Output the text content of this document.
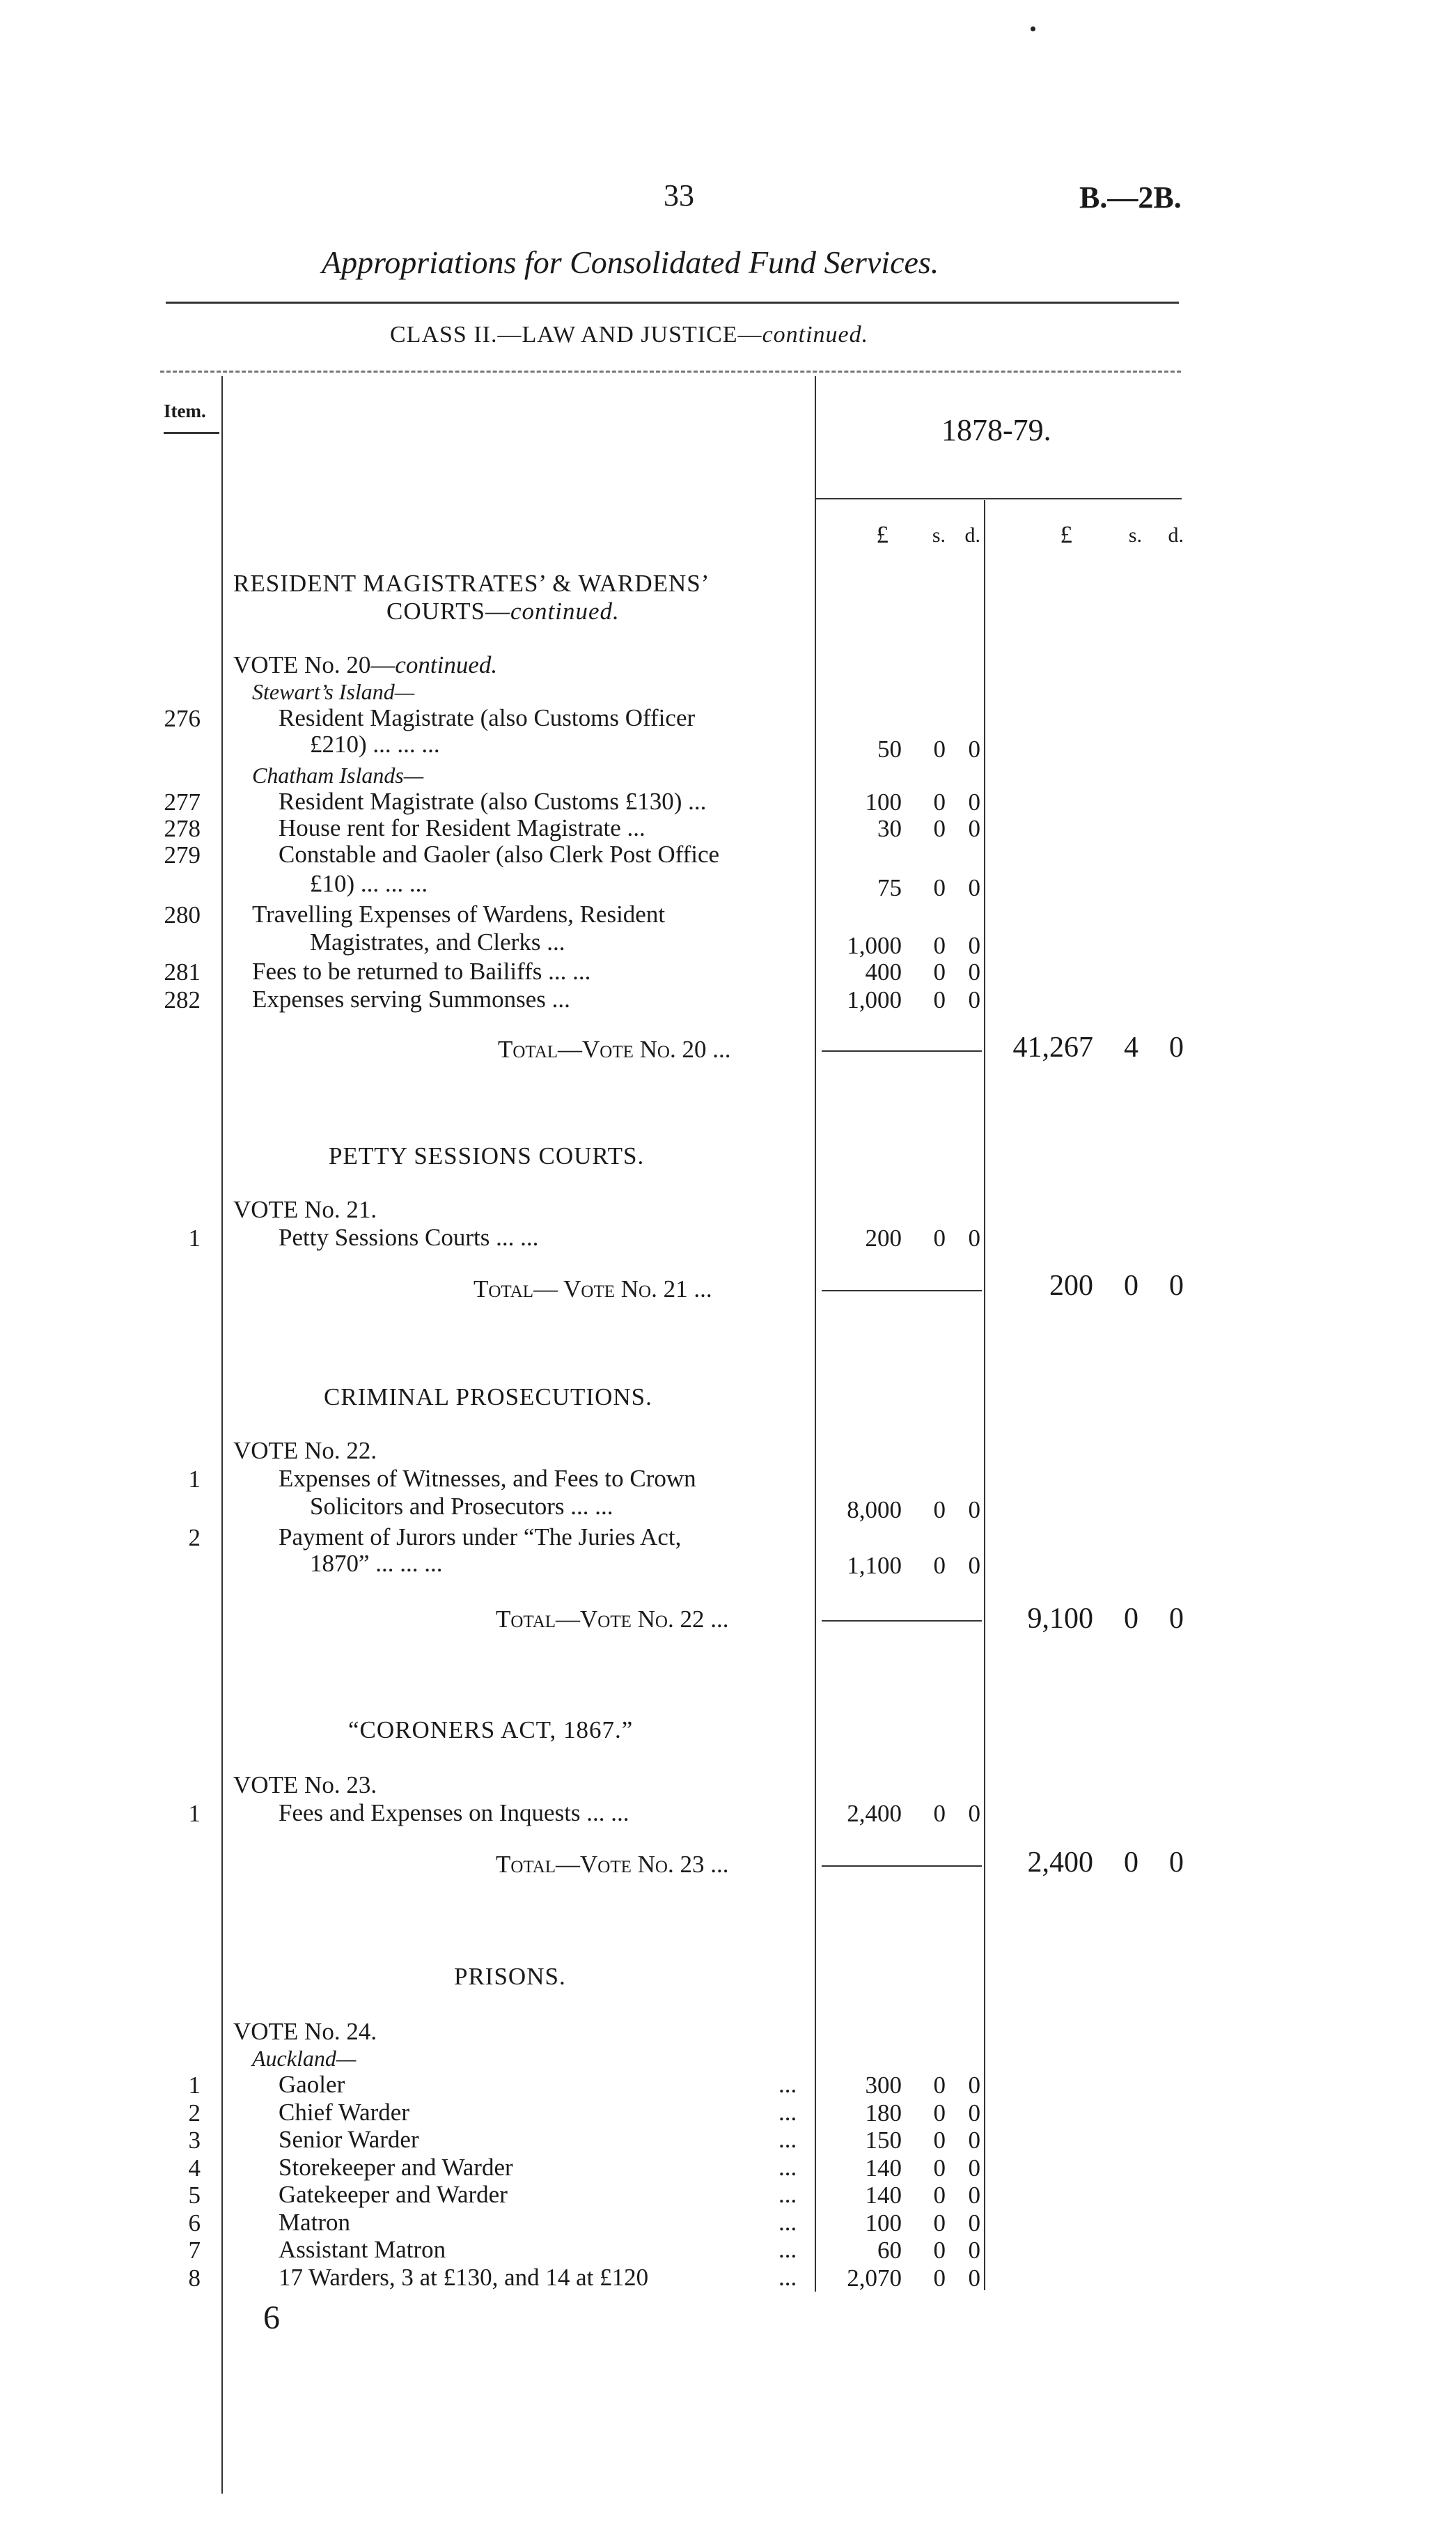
33	B.—2B.
Appropriations for Consolidated Fund Services.
CLASS II.—LAW AND JUSTICE—continued.
Item.
1878-79.
£	s. d.	£	s.	d.
RESIDENT MAGISTRATES’ & WARDENS’
COURTS—continued.
VOTE No. 20—continued.
Stewart’s Island—
276	Resident Magistrate (also Customs Officer
£210) ... ... ...	50	0 0
Chatham Islands—
277	Resident Magistrate (also Customs £130) ...	100	0 0
278	House rent for Resident Magistrate ...	30	0 0
279	Constable and Gaoler (also Clerk Post Office
£10) ... ... ...	75	0 0
280 Travelling Expenses of Wardens, Resident
Magistrates, and Clerks ...	1,000	0 0
281 Fees to be returned to Bailiffs ... ...	400	0 0
282 Expenses serving Summonses ...	1,000	0 0
Total—Vote No. 20 ...	41,267	4	0
PETTY SESSIONS COURTS.
VOTE No. 21.
1	Petty Sessions Courts ... ...	200	0 0
Total— Vote No. 21 ...	200	0	0
CRIMINAL PROSECUTIONS.
VOTE No. 22.
1	Expenses of Witnesses, and Fees to Crown
Solicitors and Prosecutors ... ...	8,000	0 0
2	Payment of Jurors under “The Juries Act,
1870” ... ... ...	1,100	0 0
Total—Vote No. 22 ...	9,100	0	0
“CORONERS ACT, 1867.”
VOTE No. 23.
1	Fees and Expenses on Inquests ... ...	2,400	0 0
Total—Vote No. 23 ...	2,400	0	0
PRISONS.
VOTE No. 24.
Auckland—
1	Gaoler	...	300	0 0
2	Chief Warder	...	180	0 0
3	Senior Warder	...	150	0 0
4	Storekeeper and Warder	...	140	0 0
5	Gatekeeper and Warder	...	140	0 0
6	Matron	...	100	0 0
7	Assistant Matron	...	60	0 0
8	17 Warders, 3 at £130, and 14 at £120	...	2,070	0 0
6
